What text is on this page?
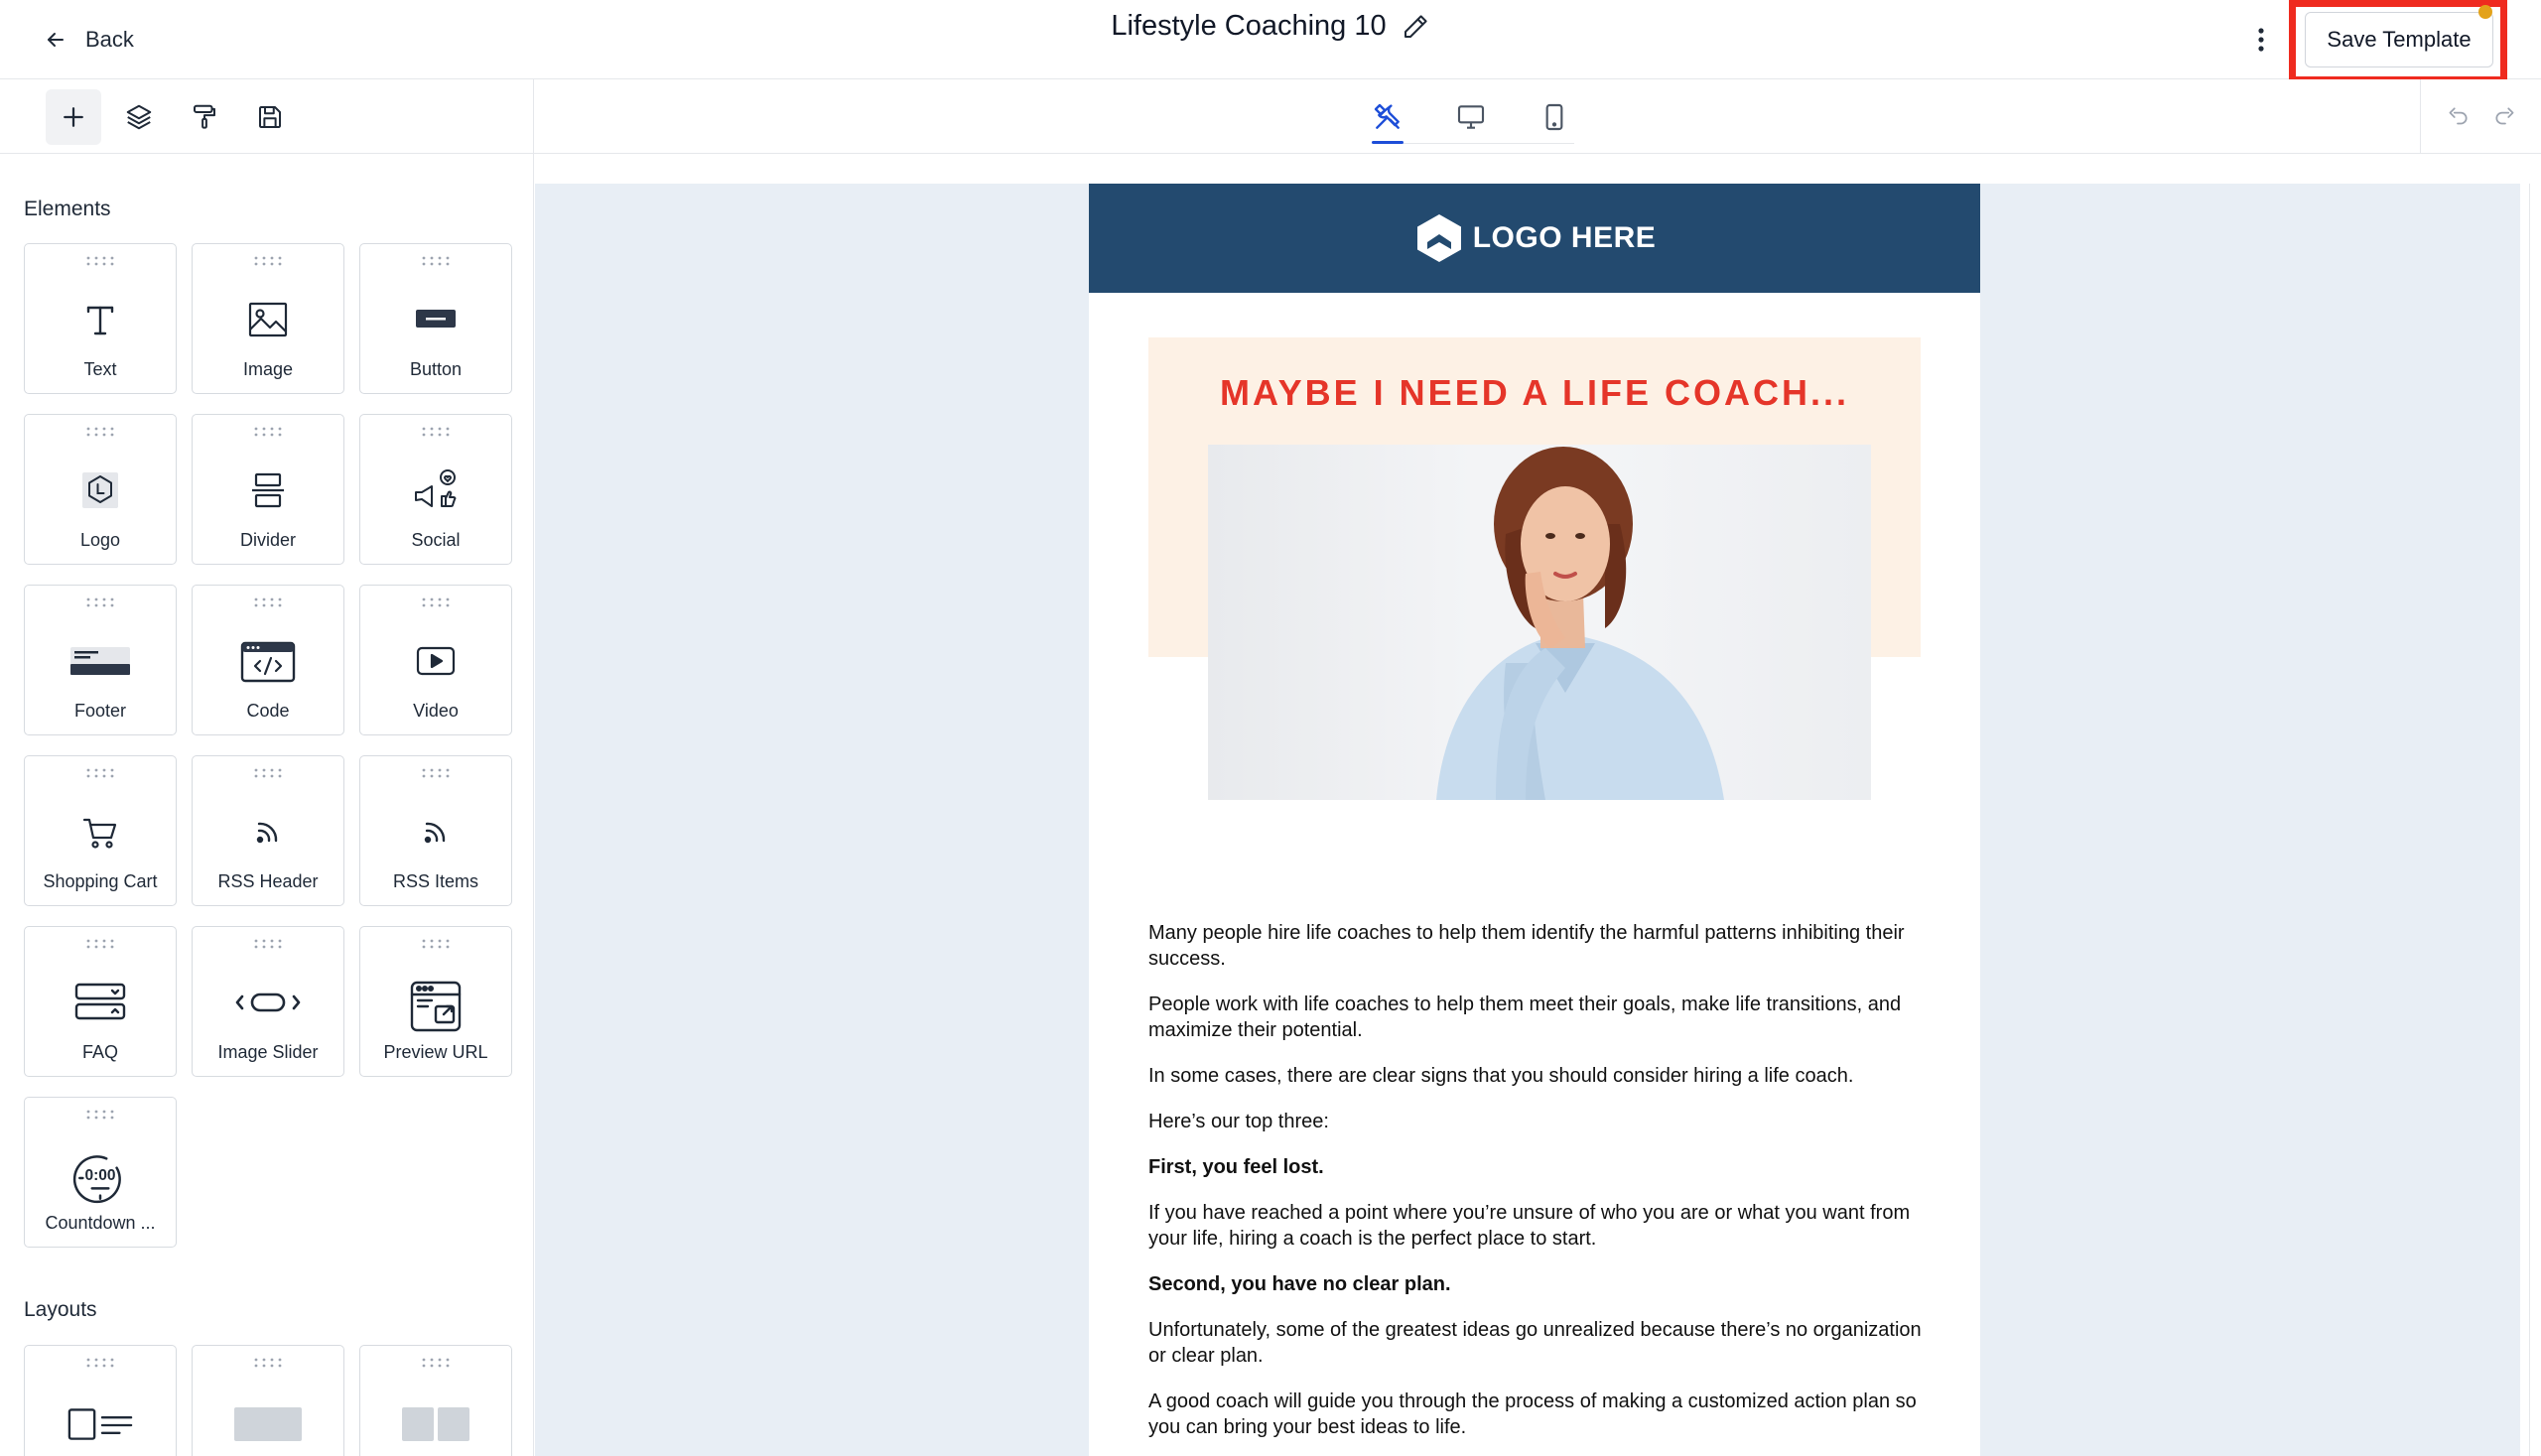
Back	Lifestyle Coaching 10	Save Template
Elements
Text	Image	Button
Logo	Divider	Social
Footer	Code	Video
Shopping Cart	RSS Header	RSS Items
FAQ	Image Slider	Preview URL
0:00
Countdown ...
Layouts
LOGO HERE
MAYBE I NEED A LIFE COACH...

Many people hire life coaches to help them identify the harmful patterns inhibiting their success.

People work with life coaches to help them meet their goals, make life transitions, and maximize their potential.

In some cases, there are clear signs that you should consider hiring a life coach.

Here’s our top three:

First, you feel lost.

If you have reached a point where you’re unsure of who you are or what you want from your life, hiring a coach is the perfect place to start.

Second, you have no clear plan.

Unfortunately, some of the greatest ideas go unrealized because there’s no organization or clear plan.

A good coach will guide you through the process of making a customized action plan so you can bring your best ideas to life.
